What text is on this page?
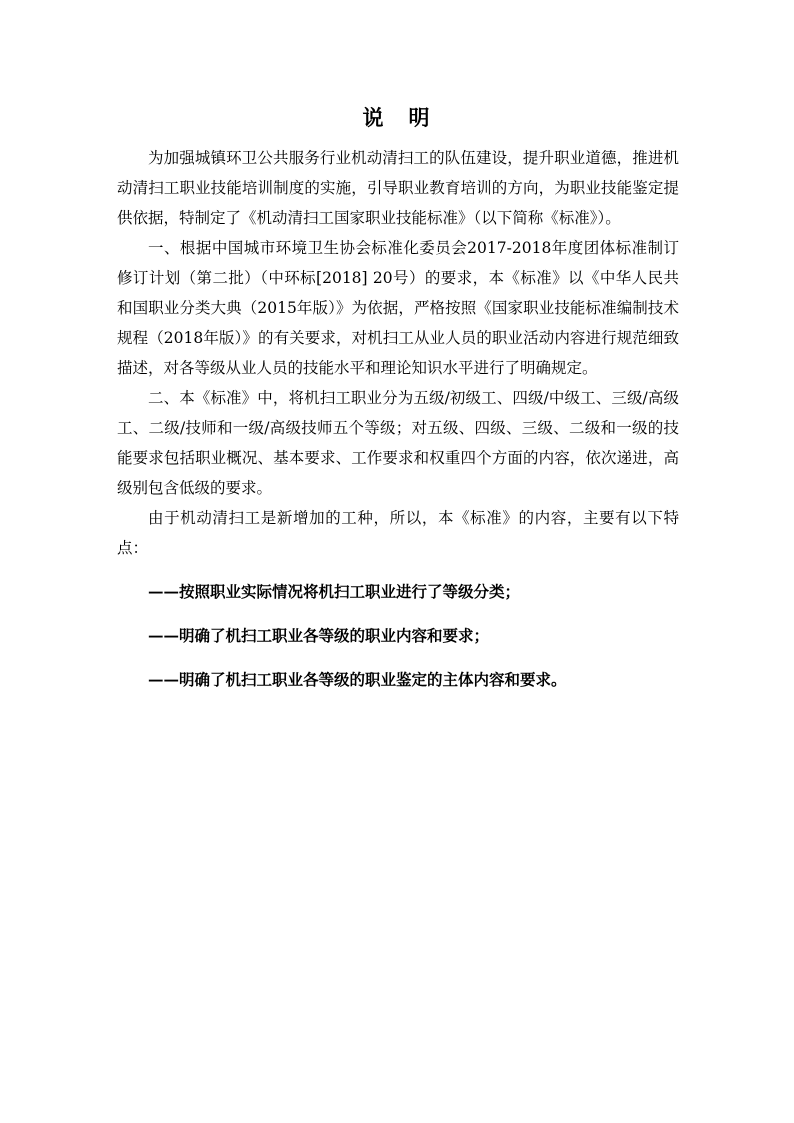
说　明

为加强城镇环卫公共服务行业机动清扫工的队伍建设，提升职业道德，推进机动清扫工职业技能培训制度的实施，引导职业教育培训的方向，为职业技能鉴定提供依据，特制定了《机动清扫工国家职业技能标准》（以下简称《标准》）。

一、根据中国城市环境卫生协会标准化委员会2017-2018年度团体标准制订修订计划（第二批）（中环标[2018] 20号）的要求，本《标准》以《中华人民共和国职业分类大典（2015年版）》为依据，严格按照《国家职业技能标准编制技术规程（2018年版）》的有关要求，对机扫工从业人员的职业活动内容进行规范细致描述，对各等级从业人员的技能水平和理论知识水平进行了明确规定。

二、本《标准》中，将机扫工职业分为五级/初级工、四级/中级工、三级/高级工、二级/技师和一级/高级技师五个等级；对五级、四级、三级、二级和一级的技能要求包括职业概况、基本要求、工作要求和权重四个方面的内容，依次递进，高级别包含低级的要求。

由于机动清扫工是新增加的工种，所以，本《标准》的内容，主要有以下特点：

——按照职业实际情况将机扫工职业进行了等级分类；

——明确了机扫工职业各等级的职业内容和要求；

——明确了机扫工职业各等级的职业鉴定的主体内容和要求。
